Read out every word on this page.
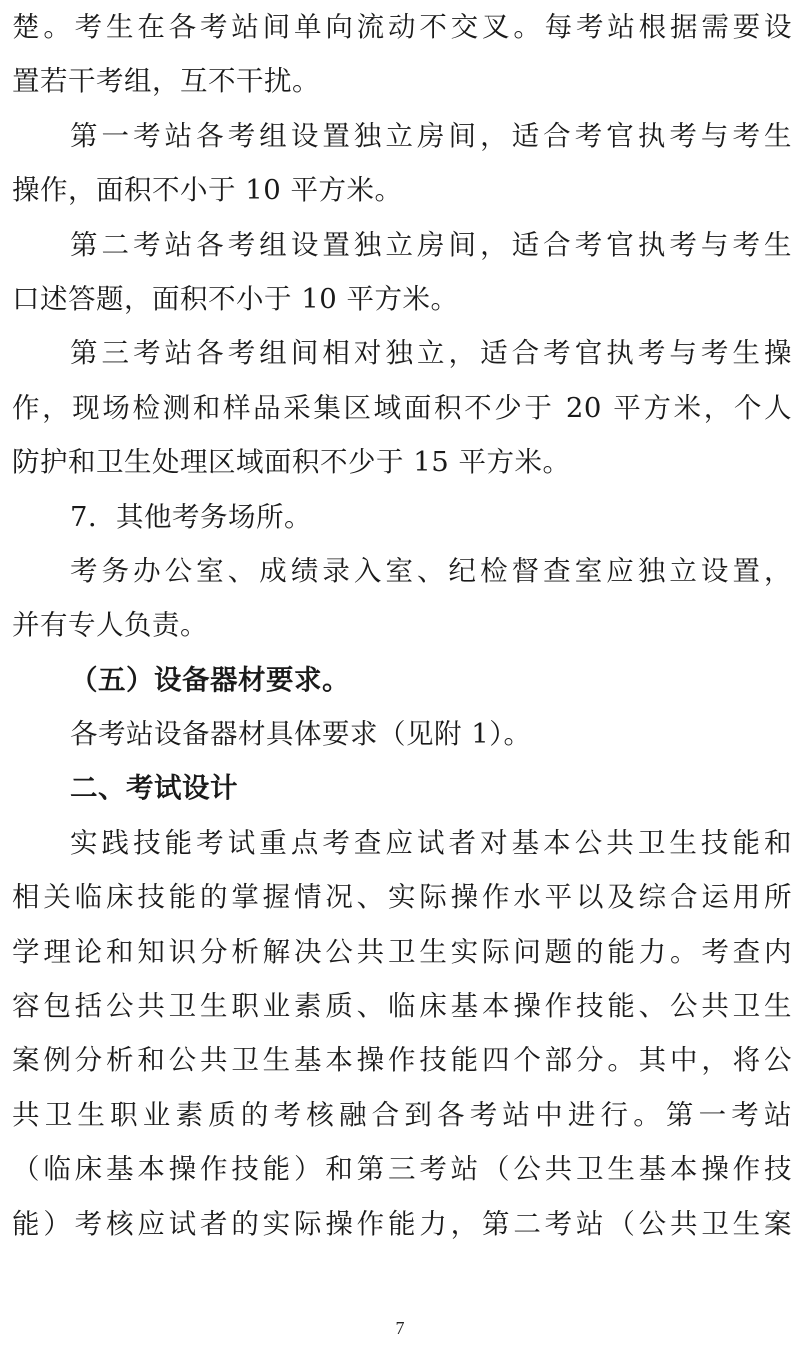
楚。考生在各考站间单向流动不交叉。每考站根据需要设
置若干考组，互不干扰。
第一考站各考组设置独立房间，适合考官执考与考生
操作，面积不小于 10 平方米。
第二考站各考组设置独立房间，适合考官执考与考生
口述答题，面积不小于 10 平方米。
第三考站各考组间相对独立，适合考官执考与考生操
作，现场检测和样品采集区域面积不少于 20 平方米，个人
防护和卫生处理区域面积不少于 15 平方米。
7．其他考务场所。
考务办公室、成绩录入室、纪检督查室应独立设置，
并有专人负责。
（五）设备器材要求。
各考站设备器材具体要求（见附 1）。
二、考试设计
实践技能考试重点考查应试者对基本公共卫生技能和
相关临床技能的掌握情况、实际操作水平以及综合运用所
学理论和知识分析解决公共卫生实际问题的能力。考查内
容包括公共卫生职业素质、临床基本操作技能、公共卫生
案例分析和公共卫生基本操作技能四个部分。其中，将公
共卫生职业素质的考核融合到各考站中进行。第一考站
（临床基本操作技能）和第三考站（公共卫生基本操作技
能）考核应试者的实际操作能力，第二考站（公共卫生案
7
